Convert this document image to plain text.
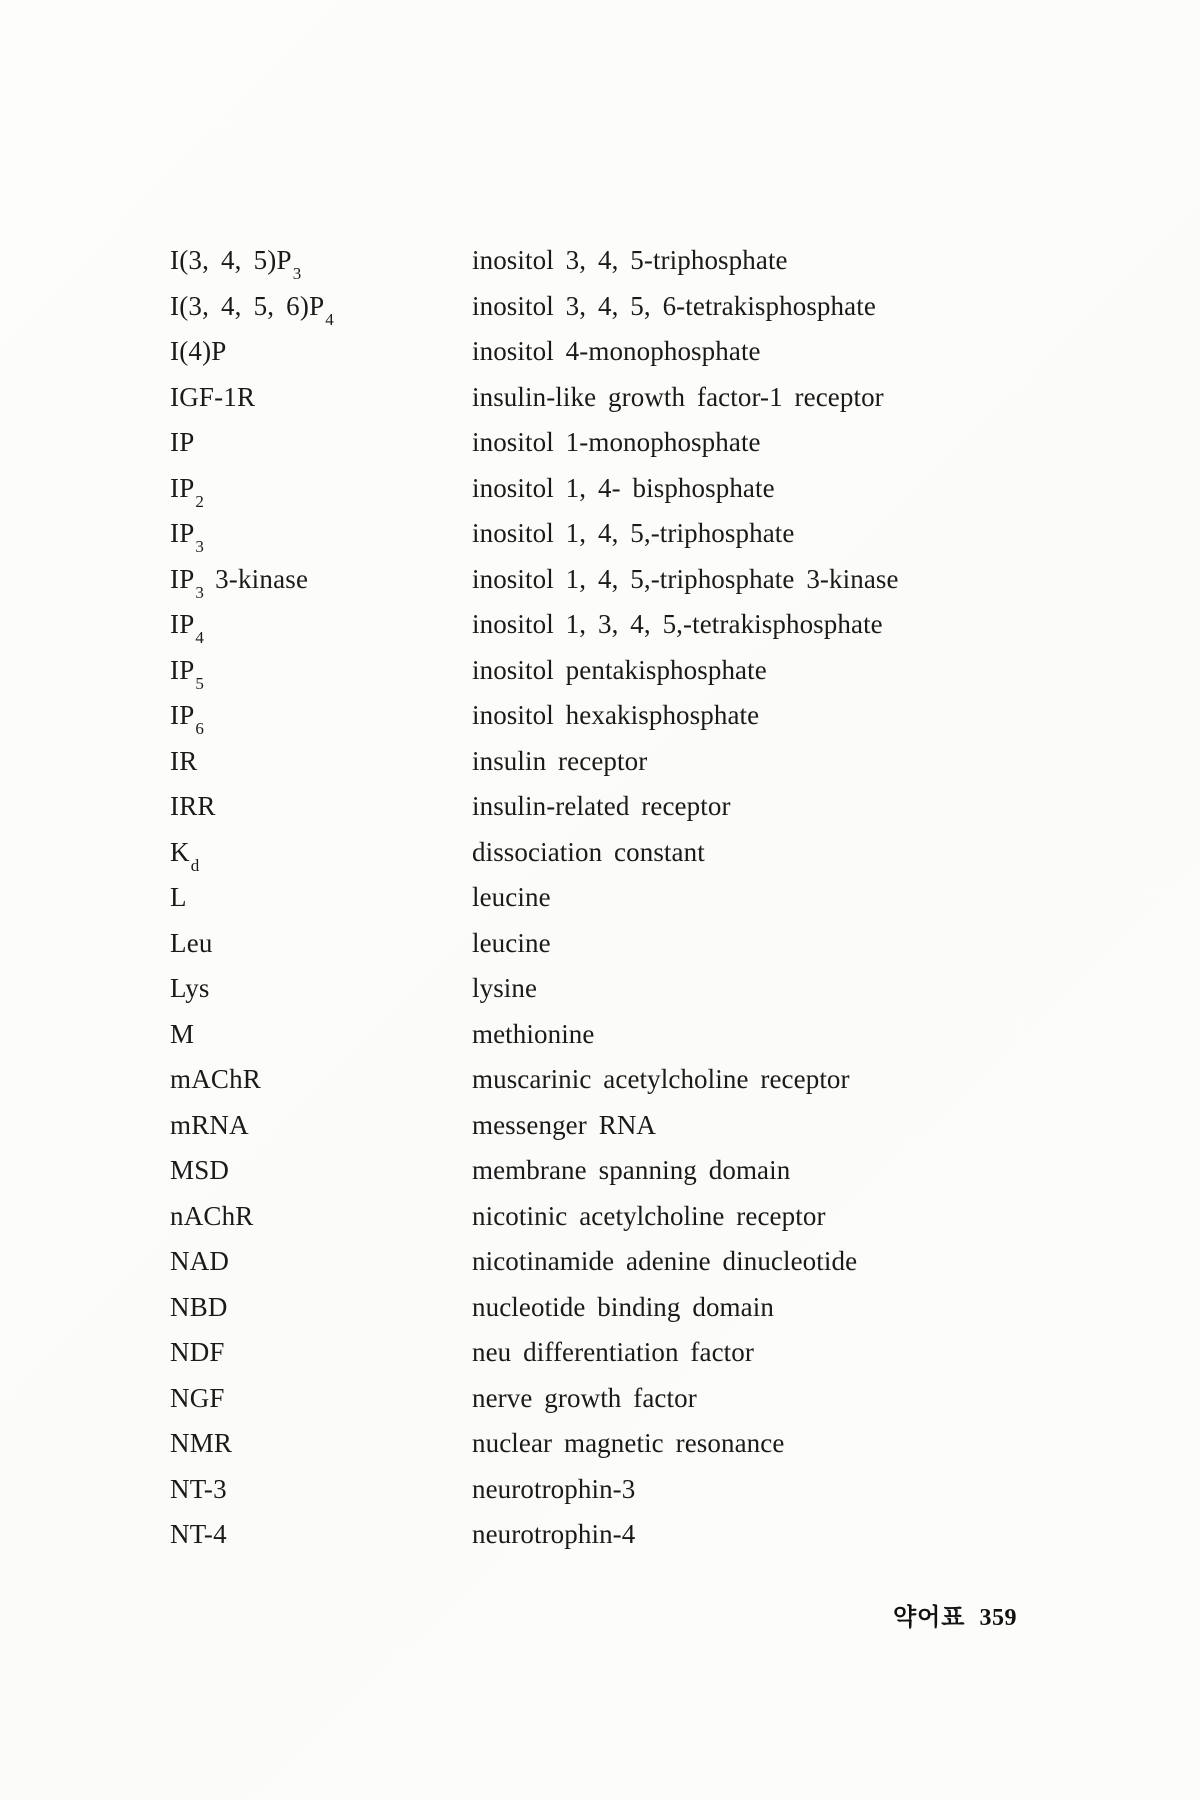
I(3, 4, $5)P_3$	inositol 3, 4, 5-triphosphate
I(3, 4, 5, $6)P_4$	inositol 3, 4, 5, 6-tetrakisphosphate
I(4)P	inositol 4-monophosphate
IGF-1R	insulin-like growth factor-1 receptor
IP	inositol 1-monophosphate
$IP_2$	inositol 1, 4- bisphosphate
$IP_3$	inositol 1, 4, 5,-triphosphate
$IP_3$ 3-kinase	inositol 1, 4, 5,-triphosphate 3-kinase
$IP_4$	inositol 1, 3, 4, 5,-tetrakisphosphate
$IP_5$	inositol pentakisphosphate
$IP_6$	inositol hexakisphosphate
IR	insulin receptor
IRR	insulin-related receptor
$K_d$	dissociation constant
L	leucine
Leu	leucine
Lys	lysine
M	methionine
mAChR	muscarinic acetylcholine receptor
mRNA	messenger RNA
MSD	membrane spanning domain
nAChR	nicotinic acetylcholine receptor
NAD	nicotinamide adenine dinucleotide
NBD	nucleotide binding domain
NDF	neu differentiation factor
NGF	nerve growth factor
NMR	nuclear magnetic resonance
NT-3	neurotrophin-3
NT-4	neurotrophin-4
약어표 359
